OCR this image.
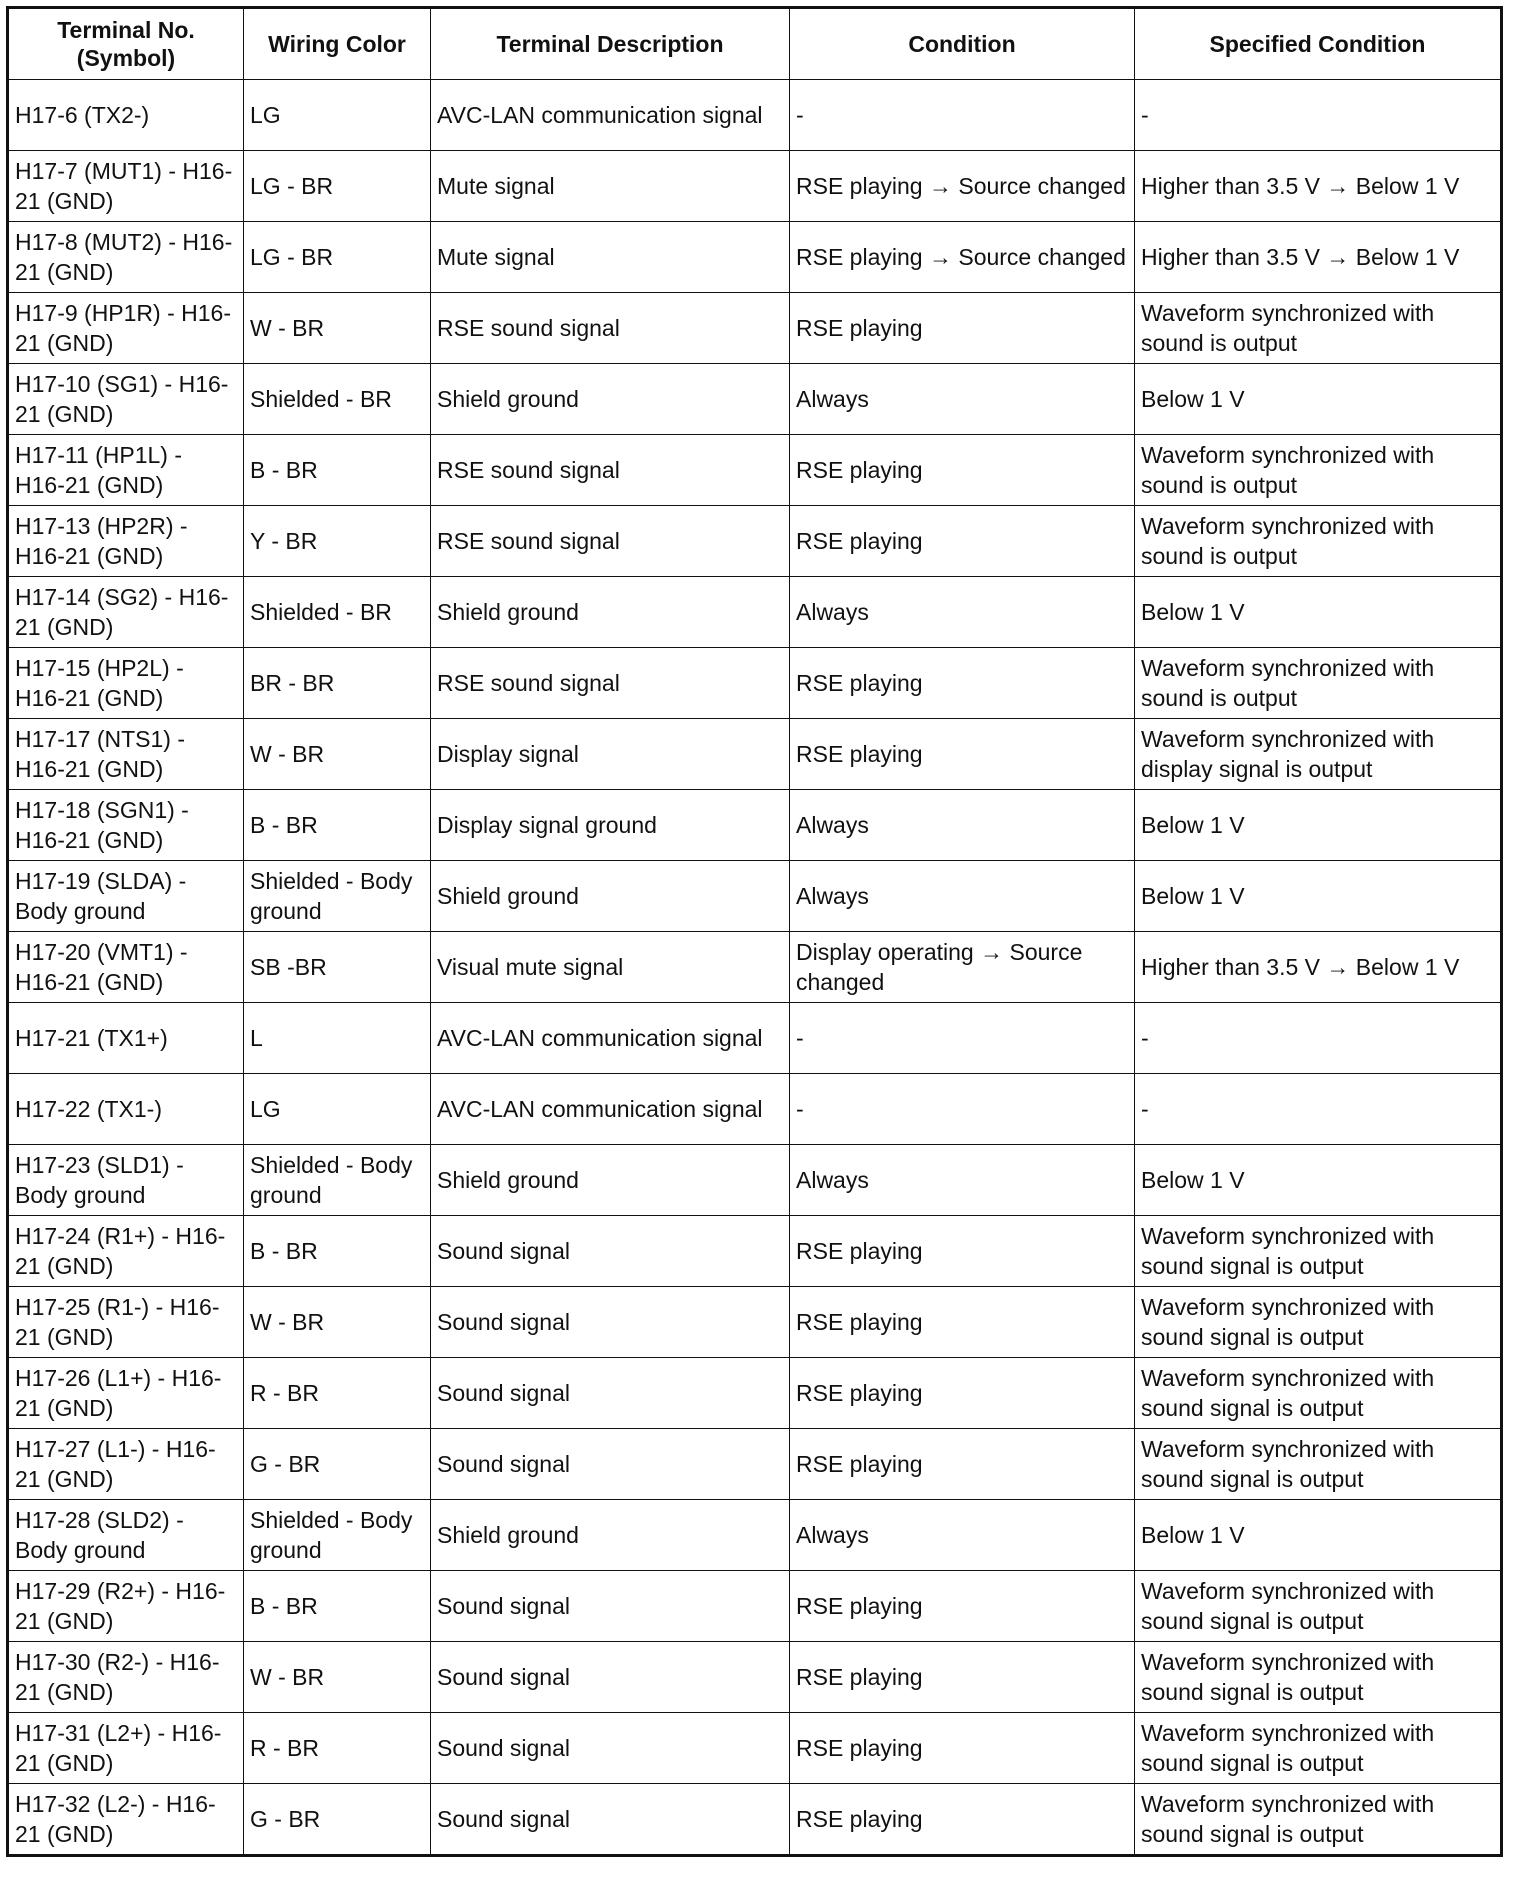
Terminal No.
(Symbol)	Wiring Color	Terminal Description	Condition	Specified Condition
H17-6 (TX2-)	LG	AVC-LAN communication signal	-	-
H17-7 (MUT1) - H16-21 (GND)	LG - BR	Mute signal	RSE playing → Source changed	Higher than 3.5 V → Below 1 V
H17-8 (MUT2) - H16-21 (GND)	LG - BR	Mute signal	RSE playing → Source changed	Higher than 3.5 V → Below 1 V
H17-9 (HP1R) - H16-21 (GND)	W - BR	RSE sound signal	RSE playing	Waveform synchronized with sound is output
H17-10 (SG1) - H16-21 (GND)	Shielded - BR	Shield ground	Always	Below 1 V
H17-11 (HP1L) - H16-21 (GND)	B - BR	RSE sound signal	RSE playing	Waveform synchronized with sound is output
H17-13 (HP2R) - H16-21 (GND)	Y - BR	RSE sound signal	RSE playing	Waveform synchronized with sound is output
H17-14 (SG2) - H16-21 (GND)	Shielded - BR	Shield ground	Always	Below 1 V
H17-15 (HP2L) - H16-21 (GND)	BR - BR	RSE sound signal	RSE playing	Waveform synchronized with sound is output
H17-17 (NTS1) - H16-21 (GND)	W - BR	Display signal	RSE playing	Waveform synchronized with display signal is output
H17-18 (SGN1) - H16-21 (GND)	B - BR	Display signal ground	Always	Below 1 V
H17-19 (SLDA) - Body ground	Shielded - Body ground	Shield ground	Always	Below 1 V
H17-20 (VMT1) - H16-21 (GND)	SB -BR	Visual mute signal	Display operating → Source changed	Higher than 3.5 V → Below 1 V
H17-21 (TX1+)	L	AVC-LAN communication signal	-	-
H17-22 (TX1-)	LG	AVC-LAN communication signal	-	-
H17-23 (SLD1) - Body ground	Shielded - Body ground	Shield ground	Always	Below 1 V
H17-24 (R1+) - H16-21 (GND)	B - BR	Sound signal	RSE playing	Waveform synchronized with sound signal is output
H17-25 (R1-) - H16-21 (GND)	W - BR	Sound signal	RSE playing	Waveform synchronized with sound signal is output
H17-26 (L1+) - H16-21 (GND)	R - BR	Sound signal	RSE playing	Waveform synchronized with sound signal is output
H17-27 (L1-) - H16-21 (GND)	G - BR	Sound signal	RSE playing	Waveform synchronized with sound signal is output
H17-28 (SLD2) - Body ground	Shielded - Body ground	Shield ground	Always	Below 1 V
H17-29 (R2+) - H16-21 (GND)	B - BR	Sound signal	RSE playing	Waveform synchronized with sound signal is output
H17-30 (R2-) - H16-21 (GND)	W - BR	Sound signal	RSE playing	Waveform synchronized with sound signal is output
H17-31 (L2+) - H16-21 (GND)	R - BR	Sound signal	RSE playing	Waveform synchronized with sound signal is output
H17-32 (L2-) - H16-21 (GND)	G - BR	Sound signal	RSE playing	Waveform synchronized with sound signal is output
